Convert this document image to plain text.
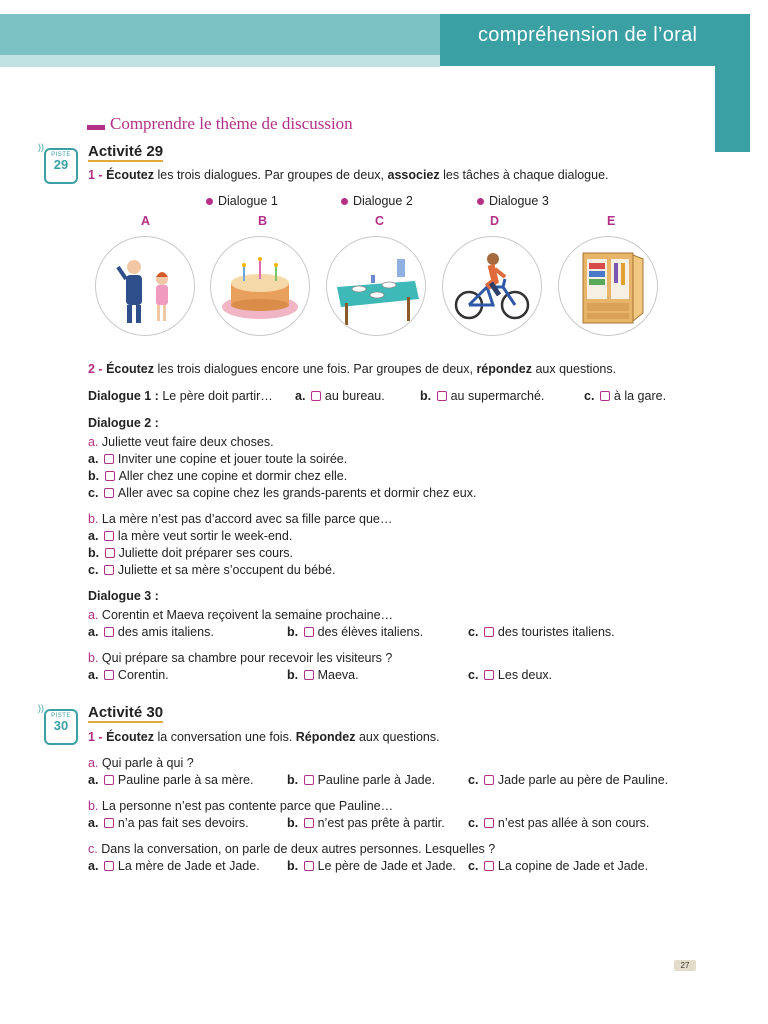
compréhension de l’oral
Comprendre le thème de discussion
))
PISTE
29
Activité 29
1 - Écoutez les trois dialogues. Par groupes de deux, associez les tâches à chaque dialogue.
Dialogue 1	Dialogue 2	Dialogue 3
A	B	C	D	E
2 - Écoutez les trois dialogues encore une fois. Par groupes de deux, répondez aux questions.
Dialogue 1 : Le père doit partir… a. au bureau.	b. au supermarché.	c. à la gare.
Dialogue 2 :
a. Juliette veut faire deux choses.
a. Inviter une copine et jouer toute la soirée.
b. Aller chez une copine et dormir chez elle.
c. Aller avec sa copine chez les grands-parents et dormir chez eux.
b. La mère n’est pas d’accord avec sa fille parce que…
a. la mère veut sortir le week-end.
b. Juliette doit préparer ses cours.
c. Juliette et sa mère s’occupent du bébé.
Dialogue 3 :
a. Corentin et Maeva reçoivent la semaine prochaine…
a. des amis italiens.	b. des élèves italiens.	c. des touristes italiens.
b. Qui prépare sa chambre pour recevoir les visiteurs ?
a. Corentin.	b. Maeva.	c. Les deux.
))
PISTE
30
Activité 30
1 - Écoutez la conversation une fois. Répondez aux questions.
a. Qui parle à qui ?
a. Pauline parle à sa mère.	b. Pauline parle à Jade.	c. Jade parle au père de Pauline.
b. La personne n’est pas contente parce que Pauline…
a. n’a pas fait ses devoirs.	b. n’est pas prête à partir. c. n’est pas allée à son cours.
c. Dans la conversation, on parle de deux autres personnes. Lesquelles ?
a. La mère de Jade et Jade. b. Le père de Jade et Jade. c. La copine de Jade et Jade.
27
